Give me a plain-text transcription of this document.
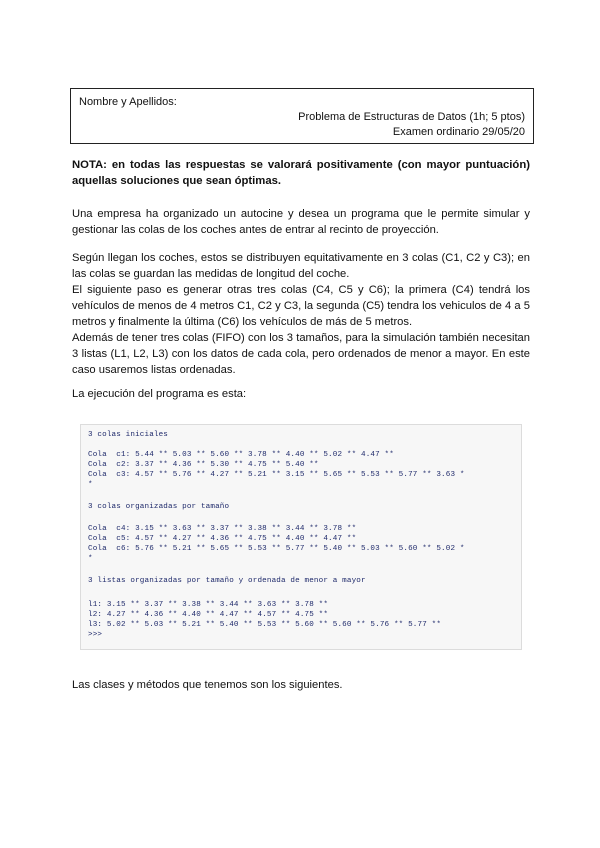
Nombre y Apellidos:
Problema de Estructuras de Datos (1h; 5 ptos)
Examen ordinario 29/05/20
NOTA: en todas las respuestas se valorará positivamente (con mayor puntuación) aquellas soluciones que sean óptimas.
Una empresa ha organizado un autocine y desea un programa que le permite simular y gestionar las colas de los coches antes de entrar al recinto de proyección.
Según llegan los coches, estos se distribuyen equitativamente en 3 colas (C1, C2 y C3); en las colas se guardan las medidas de longitud del coche.
El siguiente paso es generar otras tres colas (C4, C5 y C6); la primera (C4) tendrá los vehículos de menos de 4 metros C1, C2 y C3, la segunda (C5) tendra los vehiculos de 4 a 5 metros y finalmente la última (C6) los vehículos de más de 5 metros.
Además de tener tres colas (FIFO) con los 3 tamaños, para la simulación también necesitan 3 listas (L1, L2, L3) con los datos de cada cola, pero ordenados de menor a mayor. En este caso usaremos listas ordenadas.
La ejecución del programa es esta:
3 colas iniciales
Cola  c1: 5.44 ** 5.03 ** 5.60 ** 3.78 ** 4.40 ** 5.02 ** 4.47 **
Cola  c2: 3.37 ** 4.36 ** 5.30 ** 4.75 ** 5.40 **
Cola  c3: 4.57 ** 5.76 ** 4.27 ** 5.21 ** 3.15 ** 5.65 ** 5.53 ** 5.77 ** 3.63 *
*
3 colas organizadas por tamaño
Cola  c4: 3.15 ** 3.63 ** 3.37 ** 3.38 ** 3.44 ** 3.78 **
Cola  c5: 4.57 ** 4.27 ** 4.36 ** 4.75 ** 4.40 ** 4.47 **
Cola  c6: 5.76 ** 5.21 ** 5.65 ** 5.53 ** 5.77 ** 5.40 ** 5.03 ** 5.60 ** 5.02 *
*
3 listas organizadas por tamaño y ordenada de menor a mayor
l1: 3.15 ** 3.37 ** 3.38 ** 3.44 ** 3.63 ** 3.78 **
l2: 4.27 ** 4.36 ** 4.40 ** 4.47 ** 4.57 ** 4.75 **
l3: 5.02 ** 5.03 ** 5.21 ** 5.40 ** 5.53 ** 5.60 ** 5.60 ** 5.76 ** 5.77 **
>>>
Las clases y métodos que tenemos son los siguientes.
